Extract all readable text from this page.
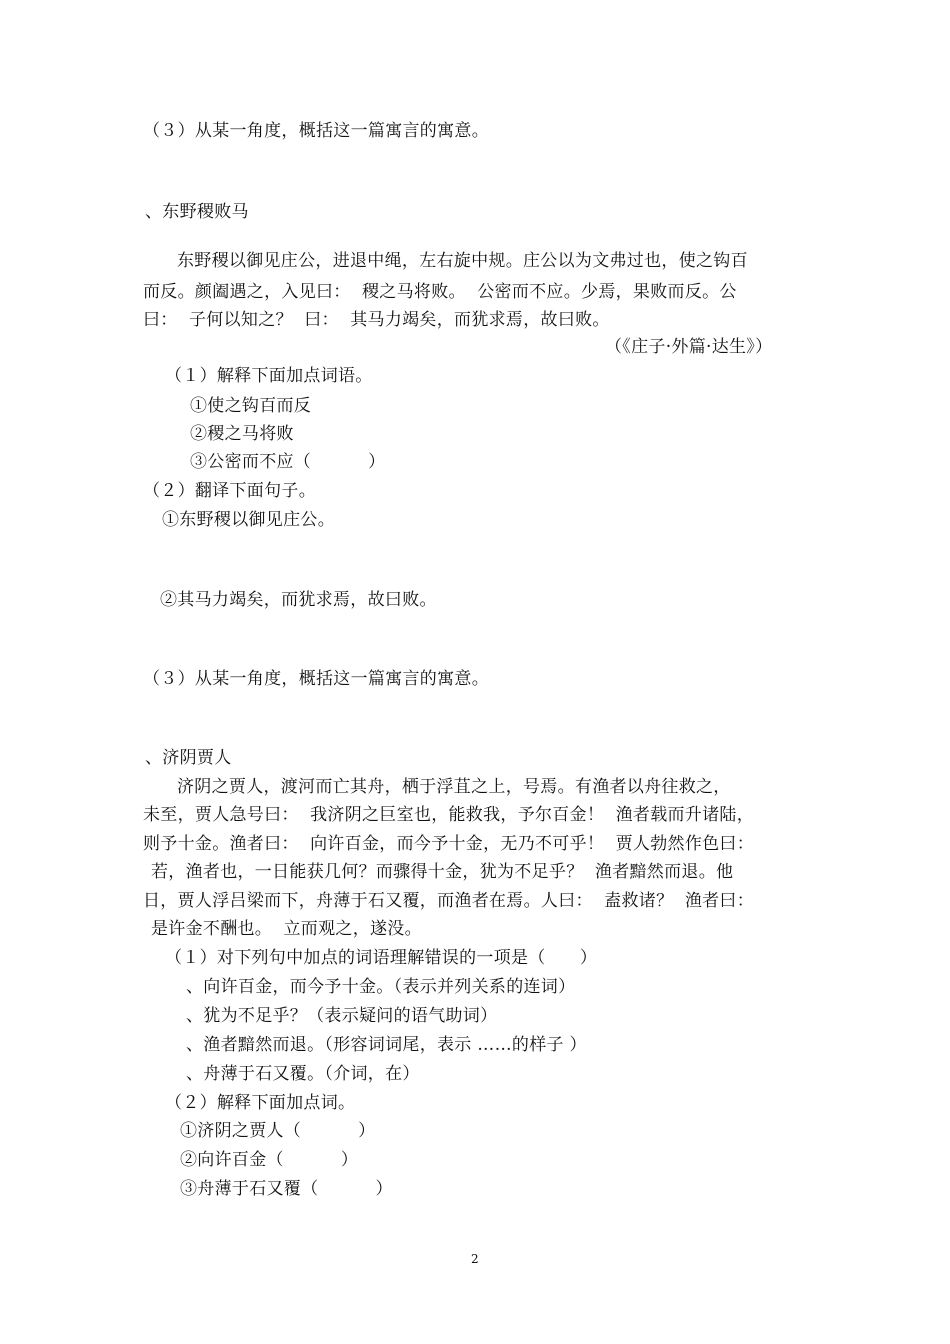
（３）从某一角度，概括这一篇寓言的寓意。
、东野稷败马
东野稷以御见庄公，进退中绳，左右旋中规。庄公以为文弗过也，使之钩百
而反。颜阖遇之，入见曰：  稷之马将败。  公密而不应。少焉，果败而反。公
曰：  子何以知之？  曰：  其马力竭矣，而犹求焉，故曰败。
（《庄子·外篇·达生》）
（１）解释下面加点词语。
①使之钩百而反
②稷之马将败
③公密而不应（          ）
（２）翻译下面句子。
①东野稷以御见庄公。
②其马力竭矣，而犹求焉，故曰败。
（３）从某一角度，概括这一篇寓言的寓意。
、济阴贾人
济阴之贾人，渡河而亡其舟，栖于浮苴之上，号焉。有渔者以舟往救之，
未至，贾人急号曰：  我济阴之巨室也，能救我，予尔百金！  渔者载而升诸陆，
则予十金。渔者曰：  向许百金，而今予十金，无乃不可乎！  贾人勃然作色曰：
若，渔者也，一日能获几何？而骤得十金，犹为不足乎？  渔者黯然而退。他
日，贾人浮吕梁而下，舟薄于石又覆，而渔者在焉。人曰：  盍救诸？  渔者曰：
是许金不酬也。  立而观之，遂没。
（１）对下列句中加点的词语理解错误的一项是（      ）
、向许百金，而今予十金。（表示并列关系的连词）
、犹为不足乎？（表示疑问的语气助词）
、渔者黯然而退。（形容词词尾，表示 ……的样子 ）
、舟薄于石又覆。（介词，在）
（２）解释下面加点词。
①济阴之贾人（          ）
②向许百金（          ）
③舟薄于石又覆（          ）
2
